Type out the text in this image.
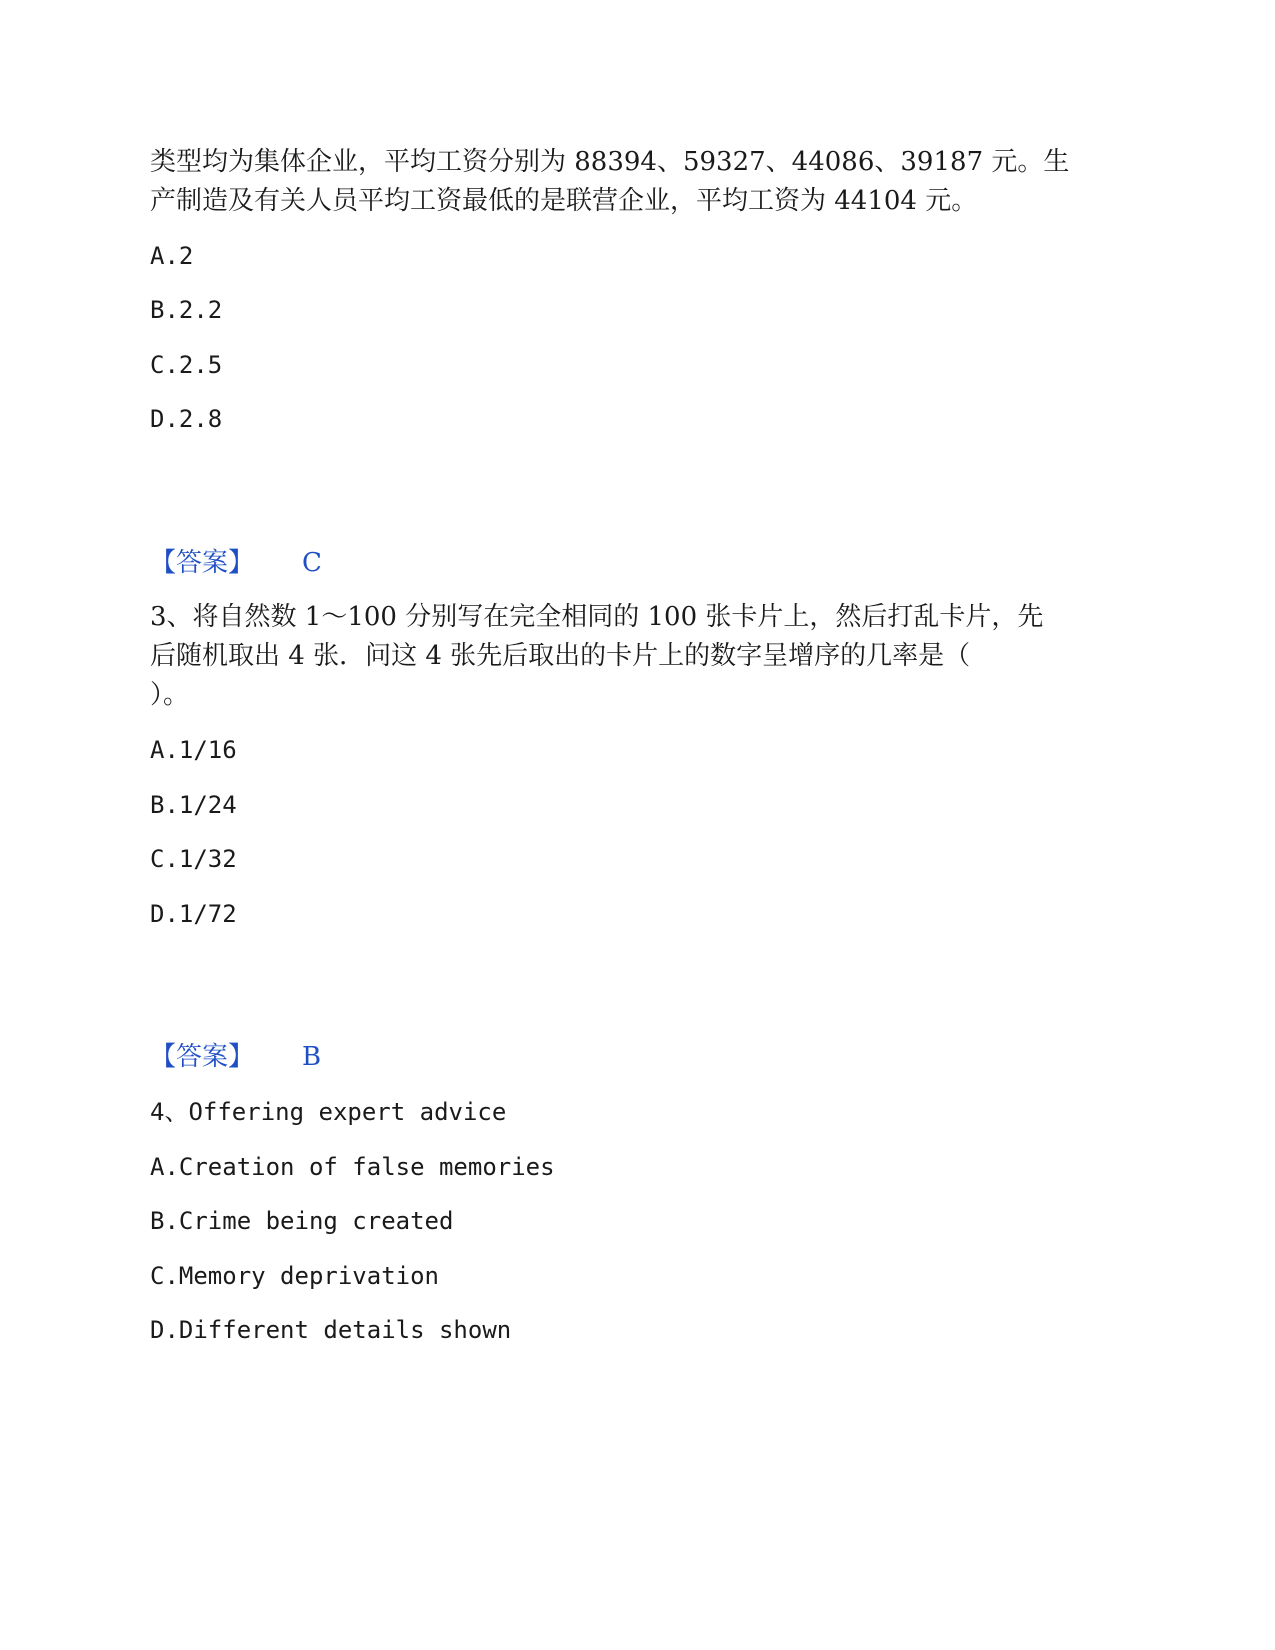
类型均为集体企业，平均工资分别为 88394、59327、44086、39187 元。生
产制造及有关人员平均工资最低的是联营企业，平均工资为 44104 元。
A.2
B.2.2
C.2.5
D.2.8
【答案】 C
3、将自然数 1～100 分别写在完全相同的 100 张卡片上，然后打乱卡片，先
后随机取出 4 张．问这 4 张先后取出的卡片上的数字呈增序的几率是（
）。
A.1/16
B.1/24
C.1/32
D.1/72
【答案】 B
4、Offering expert advice
A.Creation of false memories
B.Crime being created
C.Memory deprivation
D.Different details shown
